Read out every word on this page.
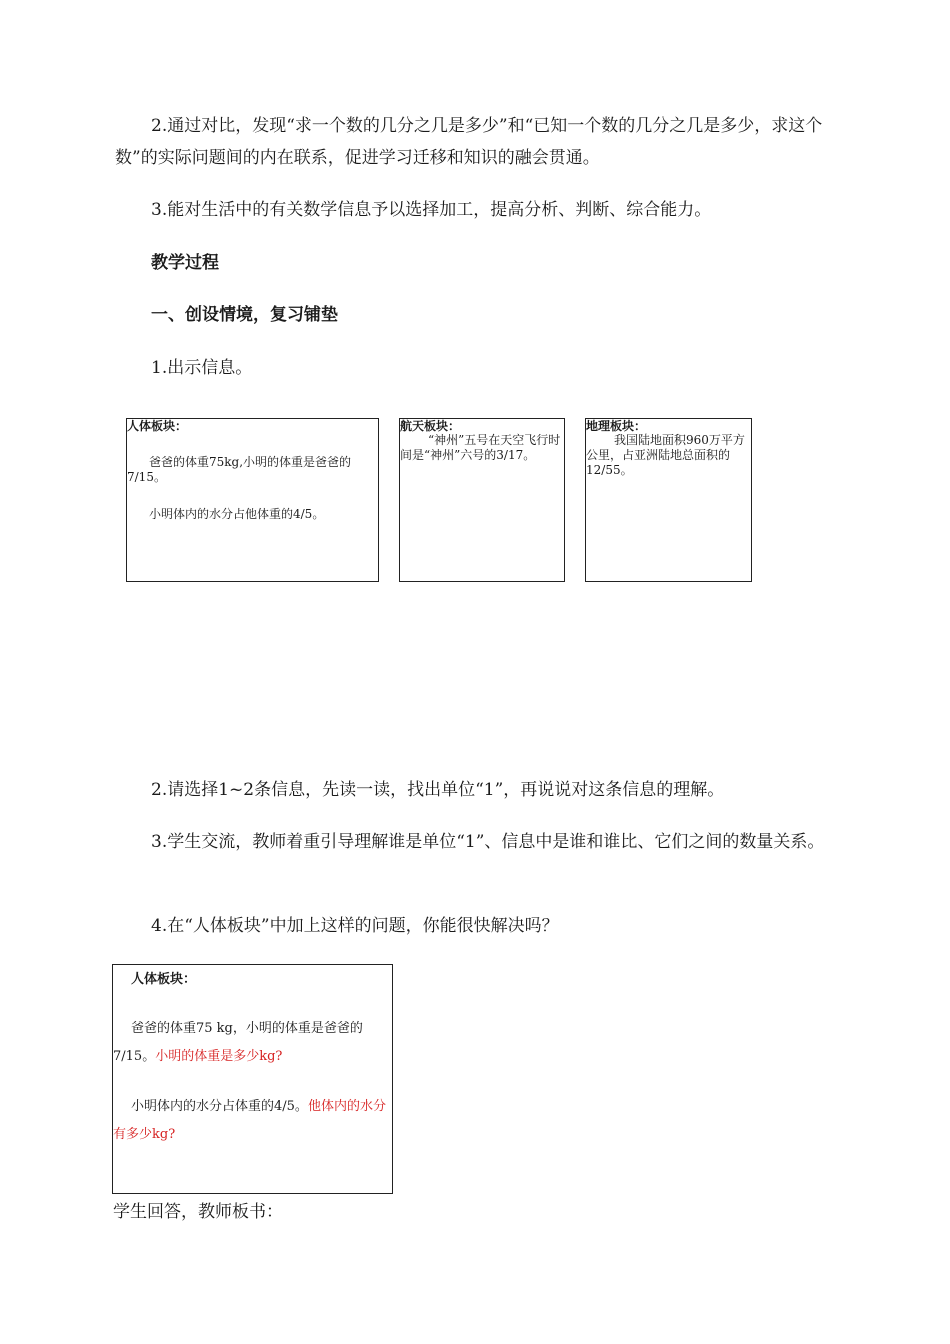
2.通过对比，发现“求一个数的几分之几是多少”和“已知一个数的几分之几是多少，求这个数”的实际问题间的内在联系，促进学习迁移和知识的融会贯通。

3.能对生活中的有关数学信息予以选择加工，提高分析、判断、综合能力。

教学过程

一、创设情境，复习铺垫

1.出示信息。

人体板块：

爸爸的体重75kg,小明的体重是爸爸的7/15。

小明体内的水分占他体重的4/5。

航天板块：

“神州”五号在天空飞行时间是“神州”六号的3/17。

地理板块：

我国陆地面积960万平方公里，占亚洲陆地总面积的12/55。

2.请选择1~2条信息，先读一读，找出单位“1”，再说说对这条信息的理解。

3.学生交流，教师着重引导理解谁是单位“1”、信息中是谁和谁比、它们之间的数量关系。

4.在“人体板块”中加上这样的问题，你能很快解决吗？

人体板块：

爸爸的体重75 kg，小明的体重是爸爸的7/15。小明的体重是多少kg?

小明体内的水分占体重的4/5。他体内的水分有多少kg?

学生回答，教师板书：
